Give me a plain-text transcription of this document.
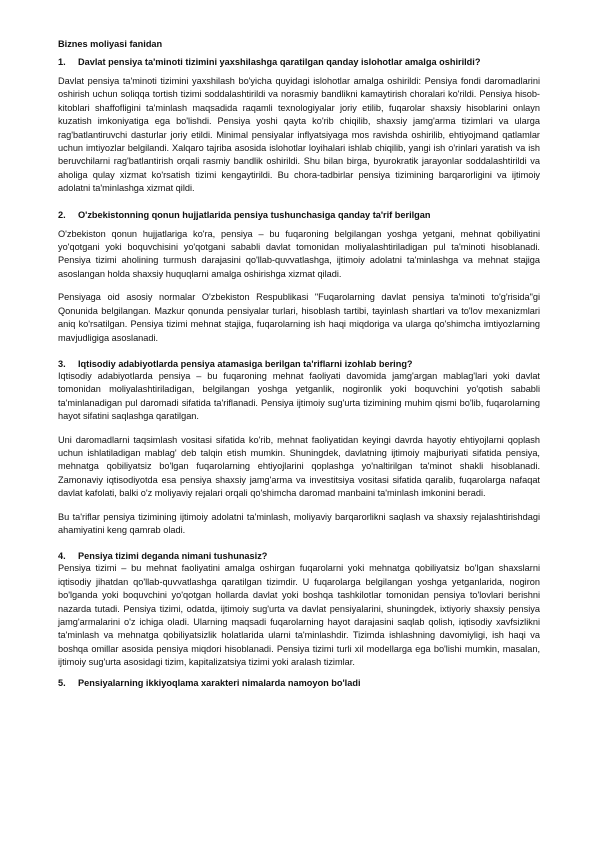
Biznes moliyasi fanidan

1.	Davlat pensiya ta'minoti tizimini yaxshilashga qaratilgan qanday islohotlar amalga oshirildi?

Davlat pensiya ta'minoti tizimini yaxshilash bo'yicha quyidagi islohotlar amalga oshirildi: Pensiya fondi daromadlarini oshirish uchun soliqqa tortish tizimi soddalashtirildi va norasmiy bandlikni kamaytirish choralari ko'rildi. Pensiya hisob-kitoblari shaffofligini ta'minlash maqsadida raqamli texnologiyalar joriy etilib, fuqarolar shaxsiy hisoblarini onlayn kuzatish imkoniyatiga ega bo'lishdi. Pensiya yoshi qayta ko'rib chiqilib, shaxsiy jamg'arma tizimlari va ularga rag'batlantiruvchi dasturlar joriy etildi. Minimal pensiyalar inflyatsiyaga mos ravishda oshirilib, ehtiyojmand qatlamlar uchun imtiyozlar belgilandi. Xalqaro tajriba asosida islohotlar loyihalari ishlab chiqilib, yangi ish o'rinlari yaratish va ish beruvchilarni rag'batlantirish orqali rasmiy bandlik oshirildi. Shu bilan birga, byurokratik jarayonlar soddalashtirildi va aholiga qulay xizmat ko'rsatish tizimi kengaytirildi. Bu chora-tadbirlar pensiya tizimining barqarorligini va ijtimoiy adolatni ta'minlashga xizmat qildi.

2.	O'zbekistonning qonun hujjatlarida pensiya tushunchasiga qanday ta'rif berilgan

O'zbekiston qonun hujjatlariga ko'ra, pensiya – bu fuqaroning belgilangan yoshga yetgani, mehnat qobiliyatini yo'qotgani yoki boquvchisini yo'qotgani sababli davlat tomonidan moliyalashtiriladigan pul ta'minoti hisoblanadi. Pensiya tizimi aholining turmush darajasini qo'llab-quvvatlashga, ijtimoiy adolatni ta'minlashga va mehnat stajiga asoslangan holda shaxsiy huquqlarni amalga oshirishga xizmat qiladi.

Pensiyaga oid asosiy normalar O'zbekiston Respublikasi "Fuqarolarning davlat pensiya ta'minoti to'g'risida"gi Qonunida belgilangan. Mazkur qonunda pensiyalar turlari, hisoblash tartibi, tayinlash shartlari va to'lov mexanizmlari aniq ko'rsatilgan. Pensiya tizimi mehnat stajiga, fuqarolarning ish haqi miqdoriga va ularga qo'shimcha imtiyozlarning mavjudligiga asoslanadi.

3.	Iqtisodiy adabiyotlarda pensiya atamasiga berilgan ta'riflarni izohlab bering?

Iqtisodiy adabiyotlarda pensiya – bu fuqaroning mehnat faoliyati davomida jamg'argan mablag'lari yoki davlat tomonidan moliyalashtiriladigan, belgilangan yoshga yetganlik, nogironlik yoki boquvchini yo'qotish sababli ta'minlanadigan pul daromadi sifatida ta'riflanadi. Pensiya ijtimoiy sug'urta tizimining muhim qismi bo'lib, fuqarolarning hayot sifatini saqlashga qaratilgan.

Uni daromadlarni taqsimlash vositasi sifatida ko'rib, mehnat faoliyatidan keyingi davrda hayotiy ehtiyojlarni qoplash uchun ishlatiladigan mablag' deb talqin etish mumkin. Shuningdek, davlatning ijtimoiy majburiyati sifatida pensiya, mehnatga qobiliyatsiz bo'lgan fuqarolarning ehtiyojlarini qoplashga yo'naltirilgan ta'minot shakli hisoblanadi. Zamonaviy iqtisodiyotda esa pensiya shaxsiy jamg'arma va investitsiya vositasi sifatida qaralib, fuqarolarga nafaqat davlat kafolati, balki o'z moliyaviy rejalari orqali qo'shimcha daromad manbaini ta'minlash imkonini beradi.

Bu ta'riflar pensiya tizimining ijtimoiy adolatni ta'minlash, moliyaviy barqarorlikni saqlash va shaxsiy rejalashtirishdagi ahamiyatini keng qamrab oladi.

4.	Pensiya tizimi deganda nimani tushunasiz?

Pensiya tizimi – bu mehnat faoliyatini amalga oshirgan fuqarolarni yoki mehnatga qobiliyatsiz bo'lgan shaxslarni iqtisodiy jihatdan qo'llab-quvvatlashga qaratilgan tizimdir. U fuqarolarga belgilangan yoshga yetganlarida, nogiron bo'lganda yoki boquvchini yo'qotgan hollarda davlat yoki boshqa tashkilotlar tomonidan pensiya to'lovlari berishni nazarda tutadi. Pensiya tizimi, odatda, ijtimoiy sug'urta va davlat pensiyalarini, shuningdek, ixtiyoriy shaxsiy pensiya jamg'armalarini o'z ichiga oladi. Ularning maqsadi fuqarolarning hayot darajasini saqlab qolish, iqtisodiy xavfsizlikni ta'minlash va mehnatga qobiliyatsizlik holatlarida ularni ta'minlashdir. Tizimda ishlashning davomiyligi, ish haqi va boshqa omillar asosida pensiya miqdori hisoblanadi. Pensiya tizimi turli xil modellarga ega bo'lishi mumkin, masalan, ijtimoiy sug'urta asosidagi tizim, kapitalizatsiya tizimi yoki aralash tizimlar.

5.	Pensiyalarning ikkiyoqlama xarakteri nimalarda namoyon bo'ladi
